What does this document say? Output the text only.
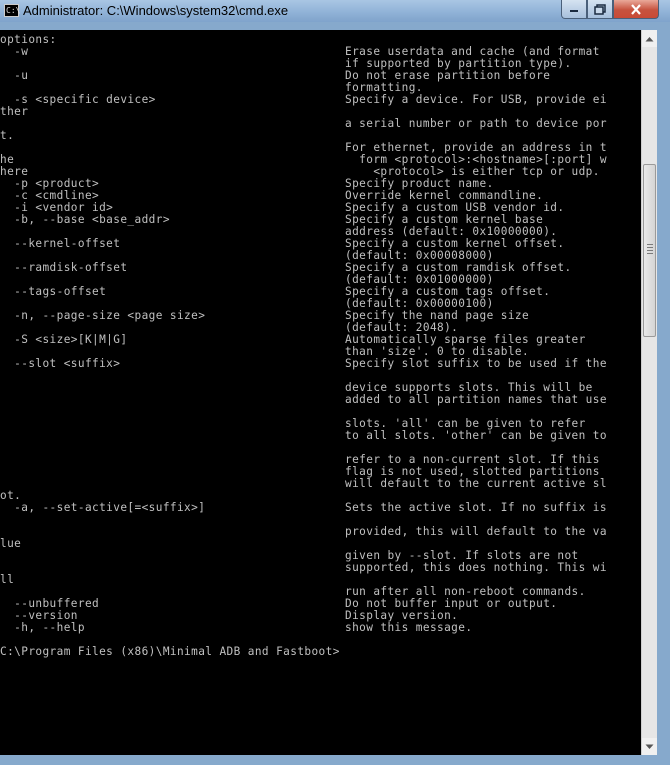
C:\ Administrator: C:\Windows\system32\cmd.exe
options:
-w	Erase userdata and cache (and format
if supported by partition type).
-u	Do not erase partition before
formatting.
-s <specific device>	Specify a device. For USB, provide ei
ther
a serial number or path to device por
t.
For ethernet, provide an address in t
he	form <protocol>:<hostname>[:port] w
here	<protocol> is either tcp or udp.
-p <product>	Specify product name.
-c <cmdline>	Override kernel commandline.
-i <vendor id>	Specify a custom USB vendor id.
-b, --base <base_addr>	Specify a custom kernel base
address (default: 0x10000000).
--kernel-offset	Specify a custom kernel offset.
(default: 0x00008000)
--ramdisk-offset	Specify a custom ramdisk offset.
(default: 0x01000000)
--tags-offset	Specify a custom tags offset.
(default: 0x00000100)
-n, --page-size <page size>	Specify the nand page size
(default: 2048).
-S <size>[K|M|G]	Automatically sparse files greater
than 'size'. 0 to disable.
--slot <suffix>	Specify slot suffix to be used if the
device supports slots. This will be
added to all partition names that use
slots. 'all' can be given to refer
to all slots. 'other' can be given to
refer to a non-current slot. If this
flag is not used, slotted partitions
will default to the current active sl
ot.
-a, --set-active[=<suffix>]	Sets the active slot. If no suffix is
provided, this will default to the va
lue
given by --slot. If slots are not
supported, this does nothing. This wi
ll
run after all non-reboot commands.
--unbuffered	Do not buffer input or output.
--version	Display version.
-h, --help	show this message.
C:\Program Files (x86)\Minimal ADB and Fastboot>
